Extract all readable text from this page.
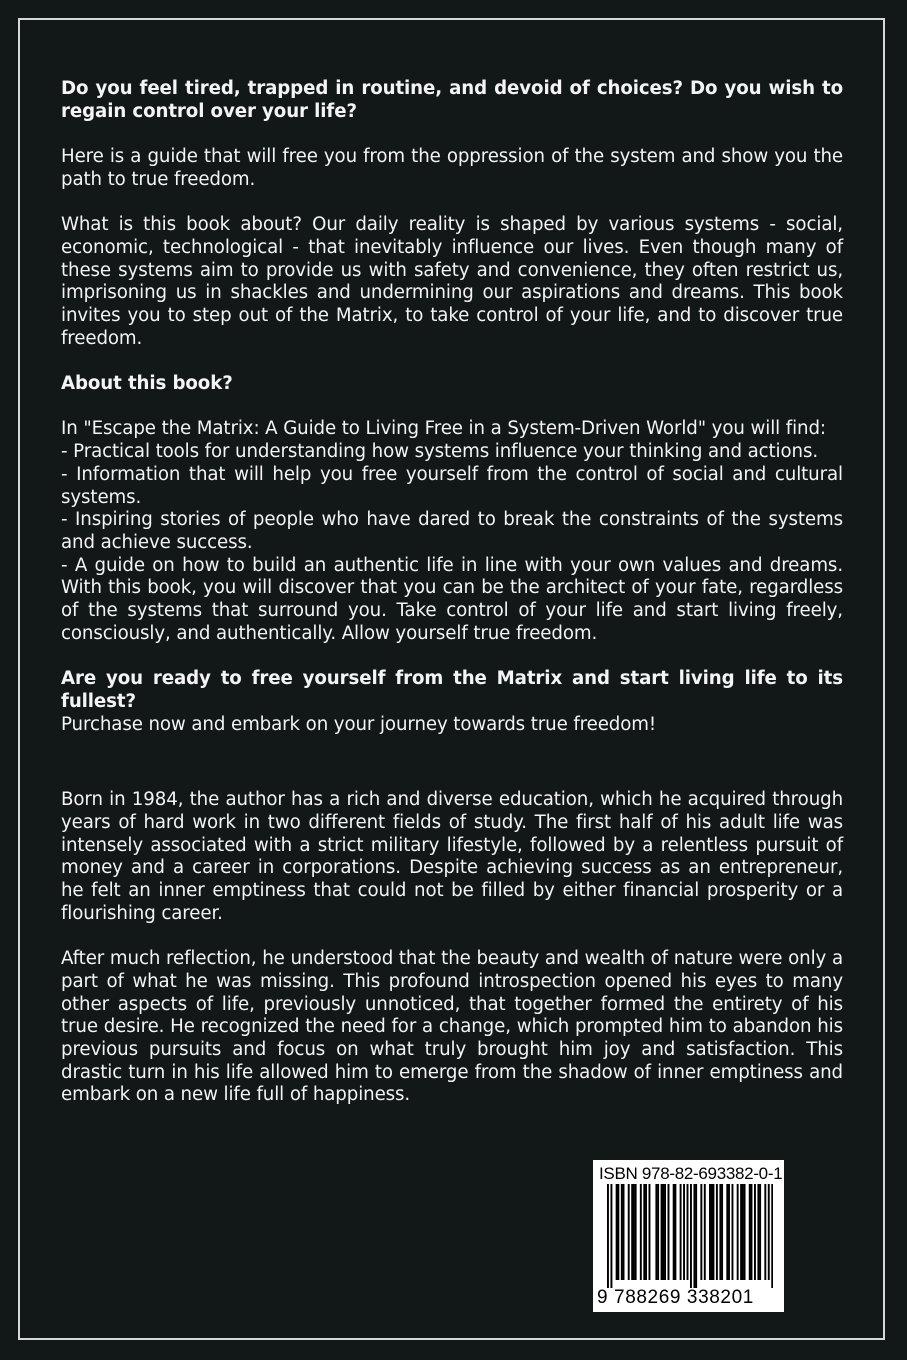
Do you feel tired, trapped in routine, and devoid of choices? Do you wish to regain control over your life?

Here is a guide that will free you from the oppression of the system and show you the path to true freedom.

What is this book about? Our daily reality is shaped by various systems - social, economic, technological - that inevitably influence our lives. Even though many of these systems aim to provide us with safety and convenience, they often restrict us, imprisoning us in shackles and undermining our aspirations and dreams. This book invites you to step out of the Matrix, to take control of your life, and to discover true freedom.

About this book?

In "Escape the Matrix: A Guide to Living Free in a System-Driven World" you will find:

- Practical tools for understanding how systems influence your thinking and actions.

- Information that will help you free yourself from the control of social and cultural systems.

- Inspiring stories of people who have dared to break the constraints of the systems and achieve success.

- A guide on how to build an authentic life in line with your own values and dreams. With this book, you will discover that you can be the architect of your fate, regardless of the systems that surround you. Take control of your life and start living freely, consciously, and authentically. Allow yourself true freedom.

Are you ready to free yourself from the Matrix and start living life to its fullest?

Purchase now and embark on your journey towards true freedom!

Born in 1984, the author has a rich and diverse education, which he acquired through years of hard work in two different fields of study. The first half of his adult life was intensely associated with a strict military lifestyle, followed by a relentless pursuit of money and a career in corporations. Despite achieving success as an entrepreneur, he felt an inner emptiness that could not be filled by either financial prosperity or a flourishing career.

After much reflection, he understood that the beauty and wealth of nature were only a part of what he was missing. This profound introspection opened his eyes to many other aspects of life, previously unnoticed, that together formed the entirety of his true desire. He recognized the need for a change, which prompted him to abandon his previous pursuits and focus on what truly brought him joy and satisfaction. This drastic turn in his life allowed him to emerge from the shadow of inner emptiness and embark on a new life full of happiness.

ISBN 978-82-693382-0-1
9 788269 338201
